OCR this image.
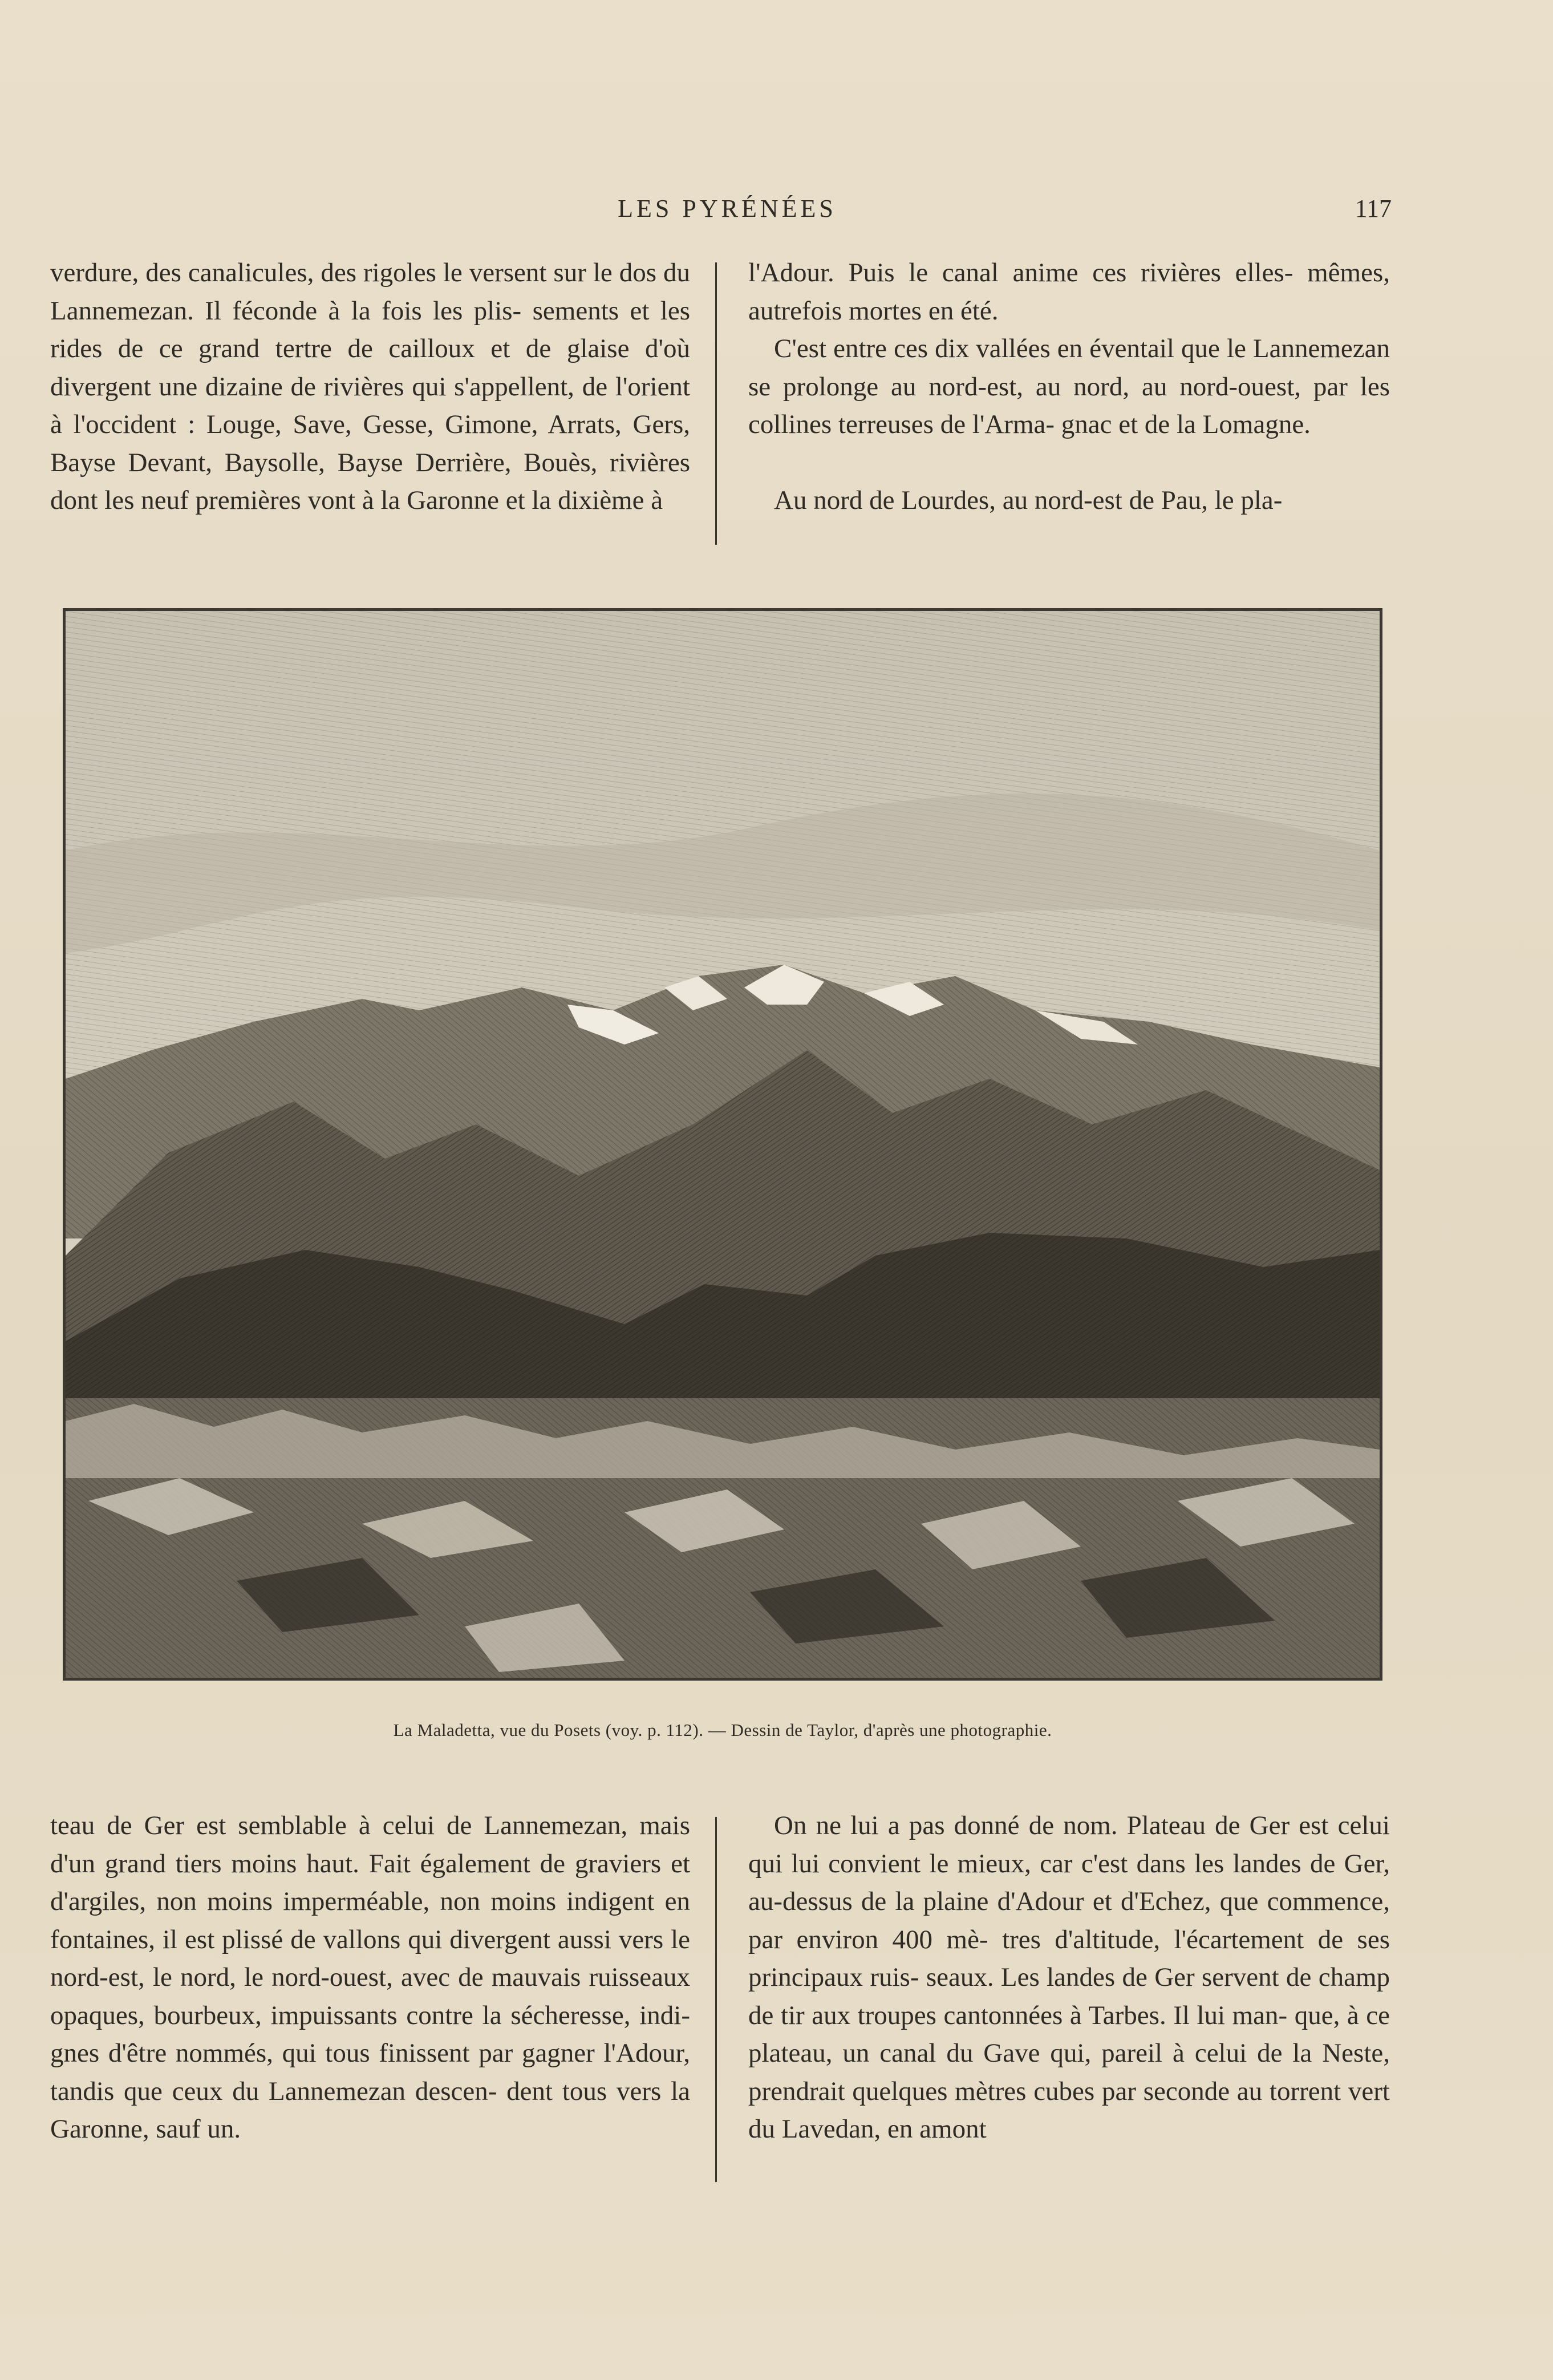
LES PYRÉNÉES	117

verdure, des canalicules, des rigoles le versent sur le dos du Lannemezan. Il féconde à la fois les plis- sements et les rides de ce grand tertre de cailloux et de glaise d'où divergent une dizaine de rivières qui s'appellent, de l'orient à l'occident : Louge, Save, Gesse, Gimone, Arrats, Gers, Bayse Devant, Baysolle, Bayse Derrière, Bouès, rivières dont les neuf premières vont à la Garonne et la dixième à

l'Adour. Puis le canal anime ces rivières elles- mêmes, autrefois mortes en été.

C'est entre ces dix vallées en éventail que le Lannemezan se prolonge au nord-est, au nord, au nord-ouest, par les collines terreuses de l'Arma- gnac et de la Lomagne.

Au nord de Lourdes, au nord-est de Pau, le pla-

La Maladetta, vue du Posets (voy. p. 112). — Dessin de Taylor, d'après une photographie.

teau de Ger est semblable à celui de Lannemezan, mais d'un grand tiers moins haut. Fait également de graviers et d'argiles, non moins imperméable, non moins indigent en fontaines, il est plissé de vallons qui divergent aussi vers le nord-est, le nord, le nord-ouest, avec de mauvais ruisseaux opaques, bourbeux, impuissants contre la sécheresse, indi- gnes d'être nommés, qui tous finissent par gagner l'Adour, tandis que ceux du Lannemezan descen- dent tous vers la Garonne, sauf un.

On ne lui a pas donné de nom. Plateau de Ger est celui qui lui convient le mieux, car c'est dans les landes de Ger, au-dessus de la plaine d'Adour et d'Echez, que commence, par environ 400 mè- tres d'altitude, l'écartement de ses principaux ruis- seaux. Les landes de Ger servent de champ de tir aux troupes cantonnées à Tarbes. Il lui man- que, à ce plateau, un canal du Gave qui, pareil à celui de la Neste, prendrait quelques mètres cubes par seconde au torrent vert du Lavedan, en amont
